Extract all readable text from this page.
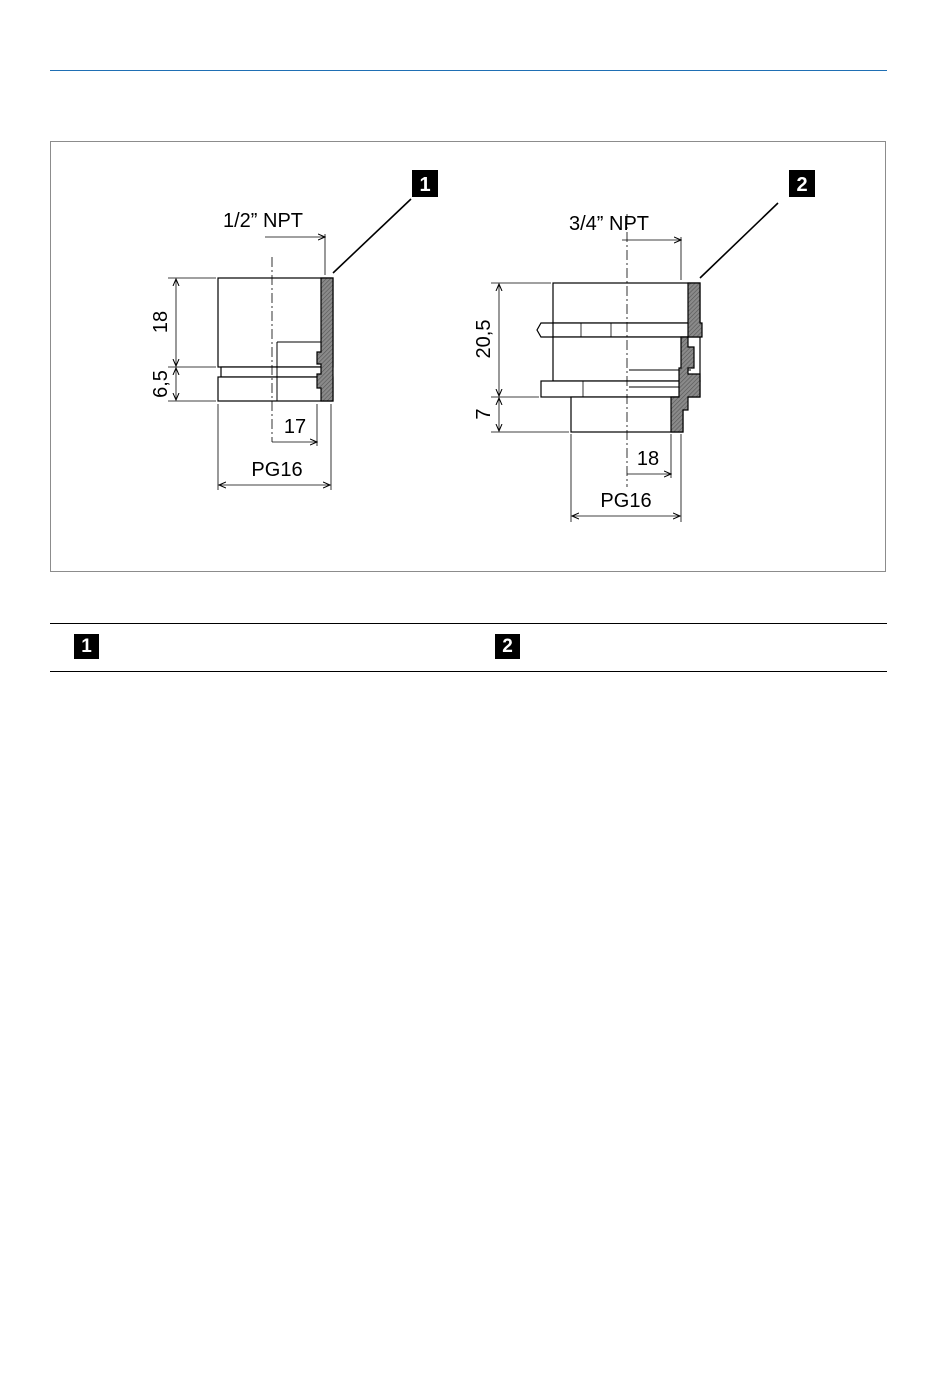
1
1/2” NPT
18
6,5
17
PG16
2
3/4” NPT
20,5
7
18
PG16
1	2
